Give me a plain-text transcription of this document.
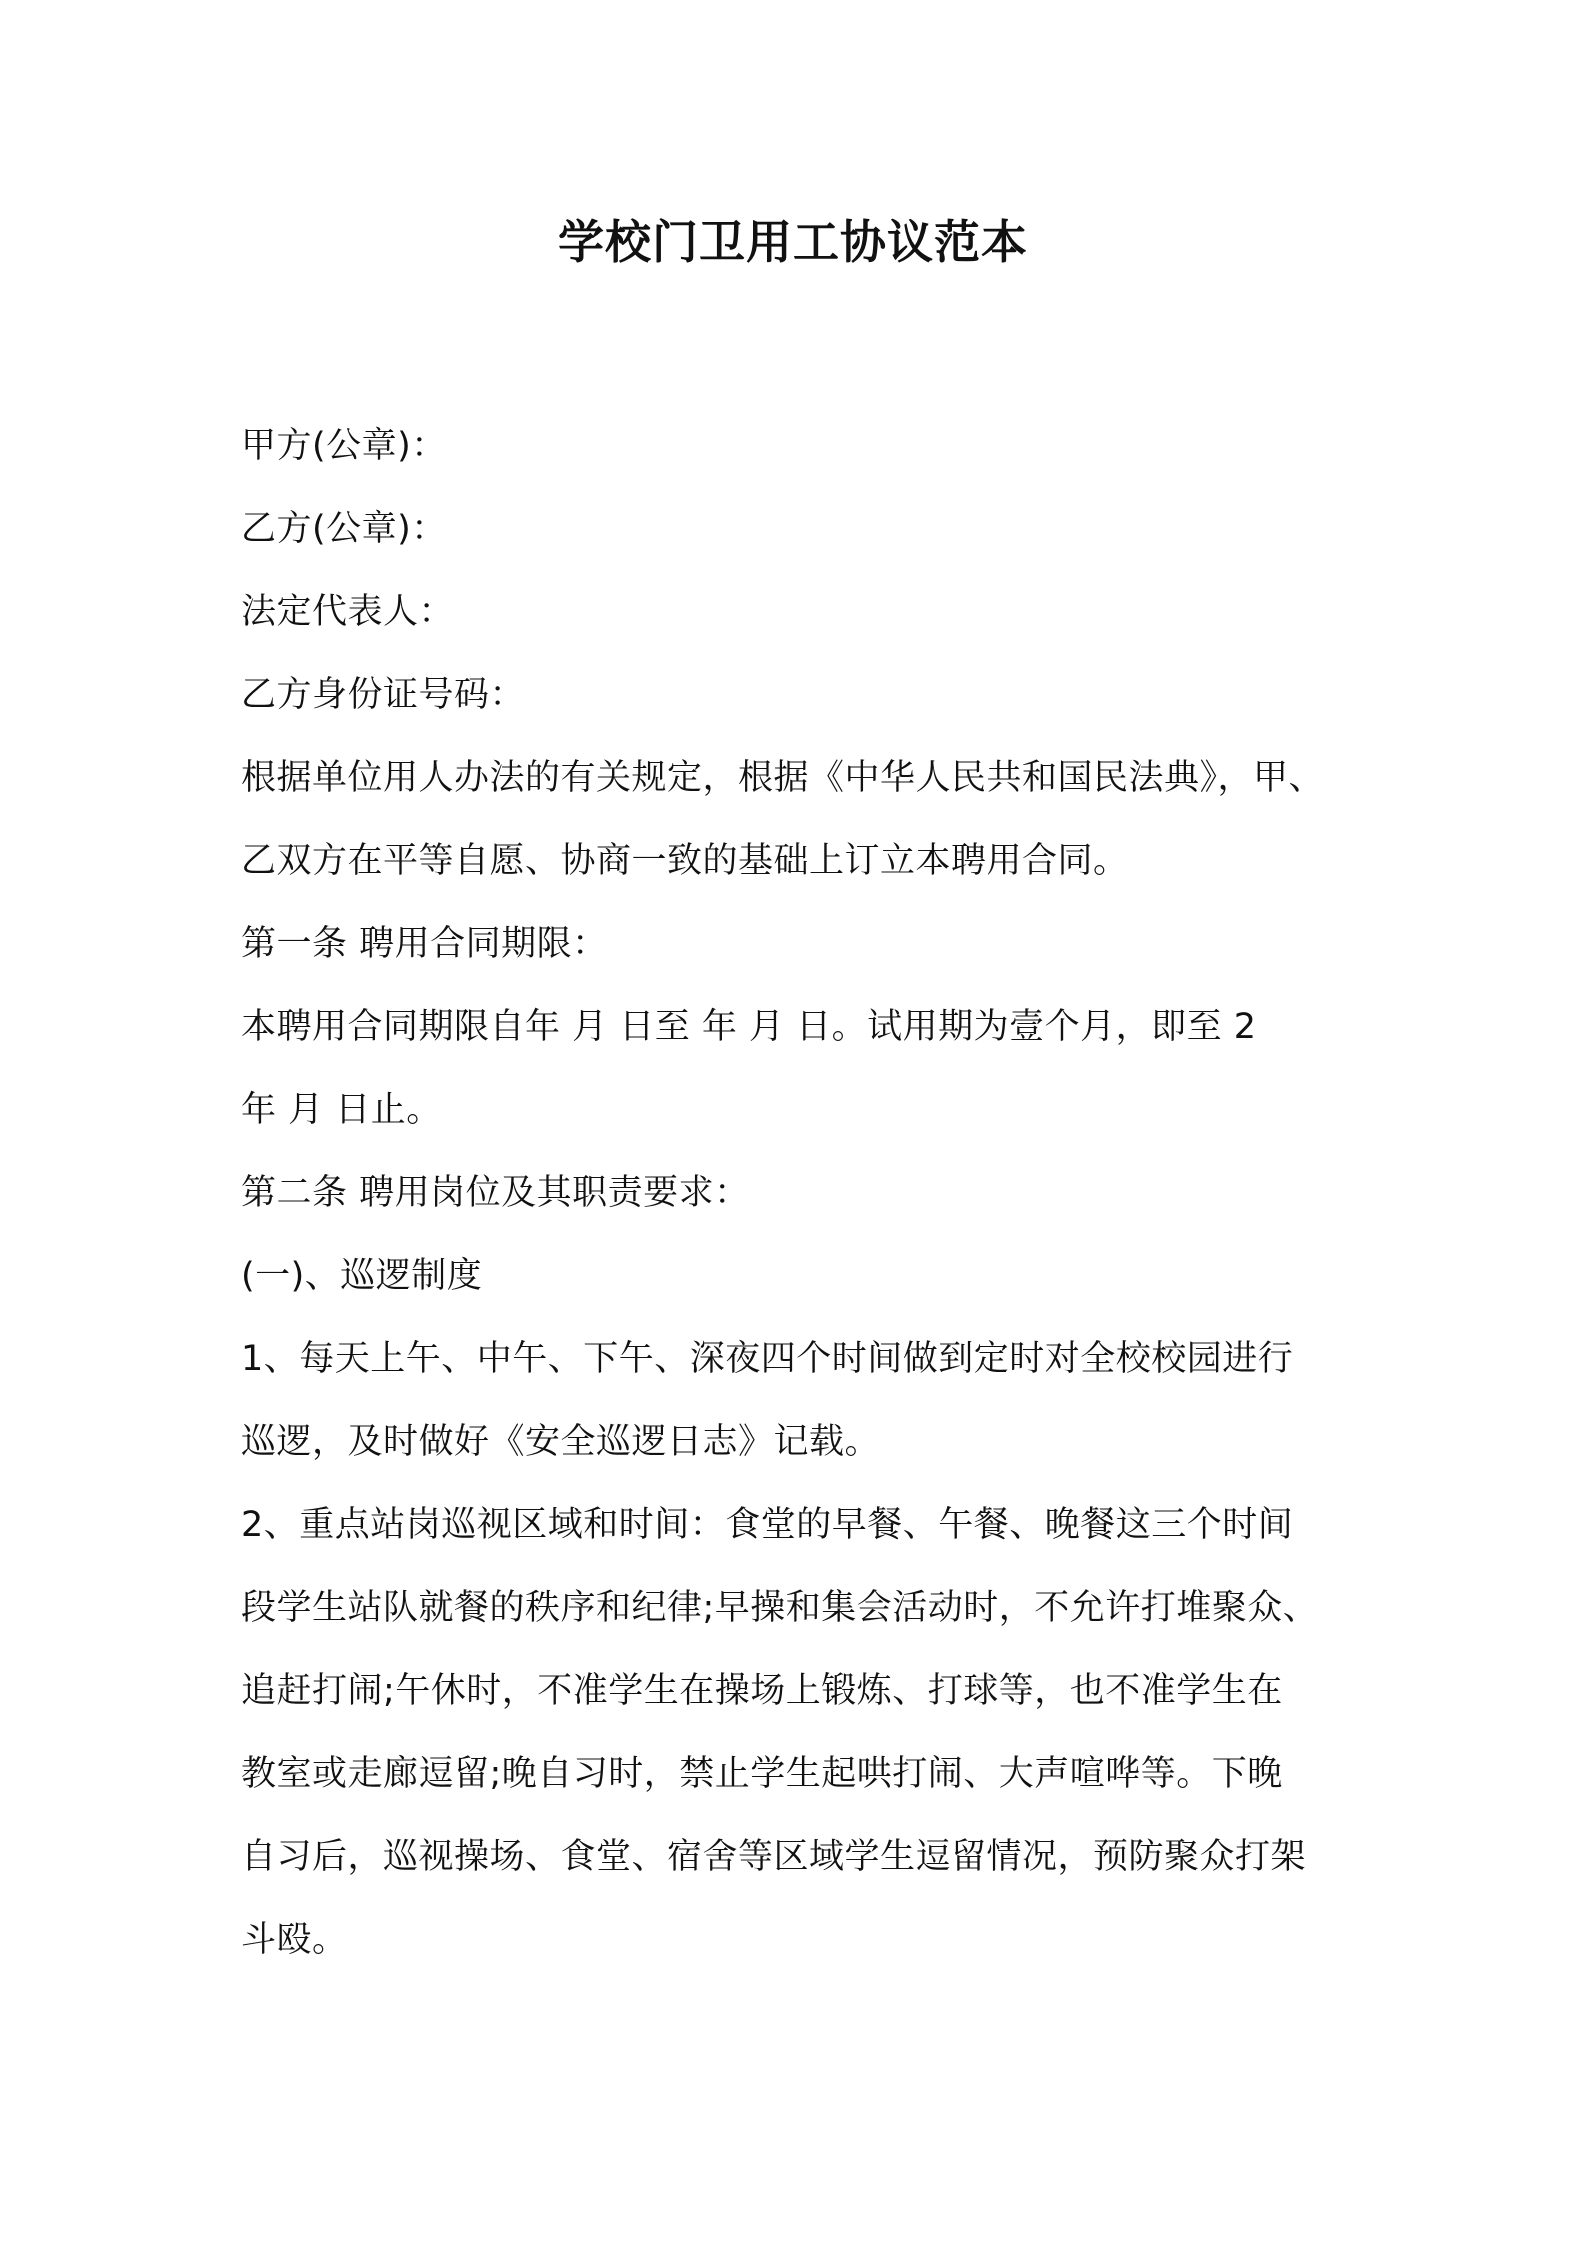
学校门卫用工协议范本

甲方(公章)：

乙方(公章)：

法定代表人：

乙方身份证号码：

根据单位用人办法的有关规定，根据《中华人民共和国民法典》，甲、

乙双方在平等自愿、协商一致的基础上订立本聘用合同。

第一条 聘用合同期限：

本聘用合同期限自年 月 日至 年 月 日。试用期为壹个月，即至 2

年 月 日止。

第二条 聘用岗位及其职责要求：

(一)、巡逻制度

1、每天上午、中午、下午、深夜四个时间做到定时对全校校园进行

巡逻，及时做好《安全巡逻日志》记载。

2、重点站岗巡视区域和时间：食堂的早餐、午餐、晚餐这三个时间

段学生站队就餐的秩序和纪律;早操和集会活动时，不允许打堆聚众、

追赶打闹;午休时，不准学生在操场上锻炼、打球等，也不准学生在

教室或走廊逗留;晚自习时，禁止学生起哄打闹、大声喧哗等。下晚

自习后，巡视操场、食堂、宿舍等区域学生逗留情况，预防聚众打架

斗殴。
